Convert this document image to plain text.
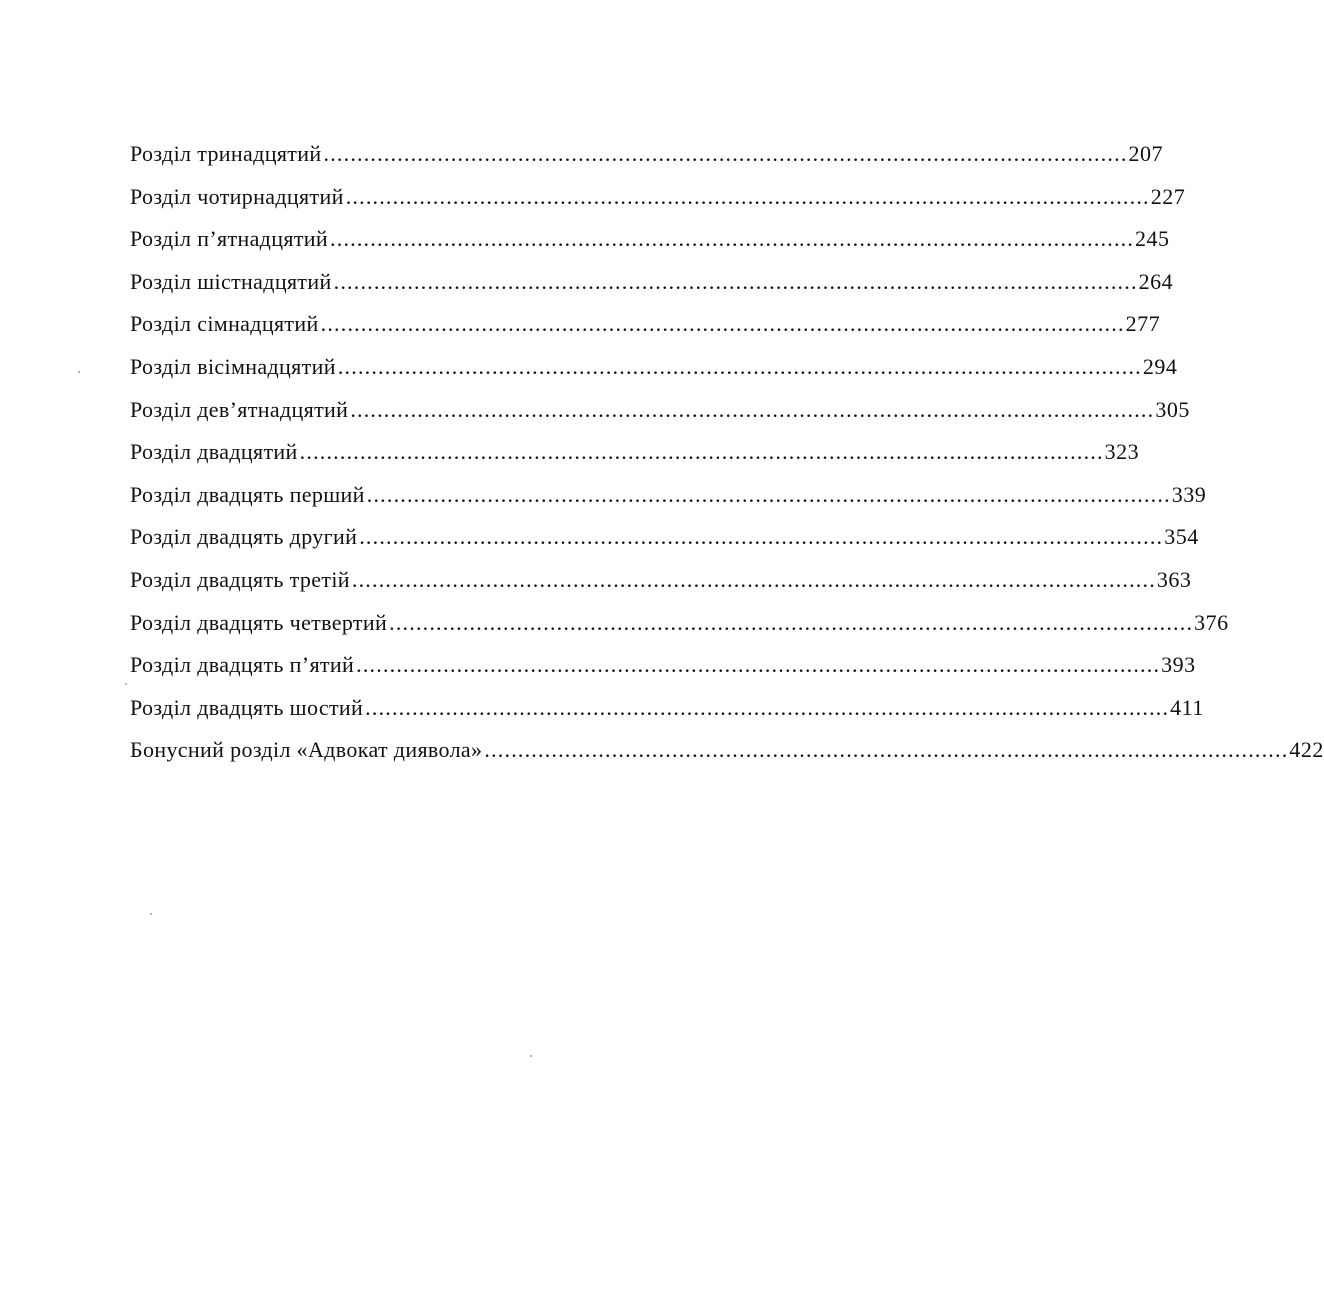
Розділ тринадцятий ........................................................................................................................ 207
Розділ чотирнадцятий ........................................................................................................................ 227
Розділ п’ятнадцятий ........................................................................................................................ 245
Розділ шістнадцятий ........................................................................................................................ 264
Розділ сімнадцятий ........................................................................................................................ 277
Розділ вісімнадцятий ........................................................................................................................ 294
Розділ дев’ятнадцятий ........................................................................................................................ 305
Розділ двадцятий ........................................................................................................................ 323
Розділ двадцять перший ........................................................................................................................ 339
Розділ двадцять другий ........................................................................................................................ 354
Розділ двадцять третій ........................................................................................................................ 363
Розділ двадцять четвертий ........................................................................................................................ 376
Розділ двадцять п’ятий ........................................................................................................................ 393
Розділ двадцять шостий ........................................................................................................................ 411
Бонусний розділ «Адвокат диявола» ........................................................................................................................ 422
